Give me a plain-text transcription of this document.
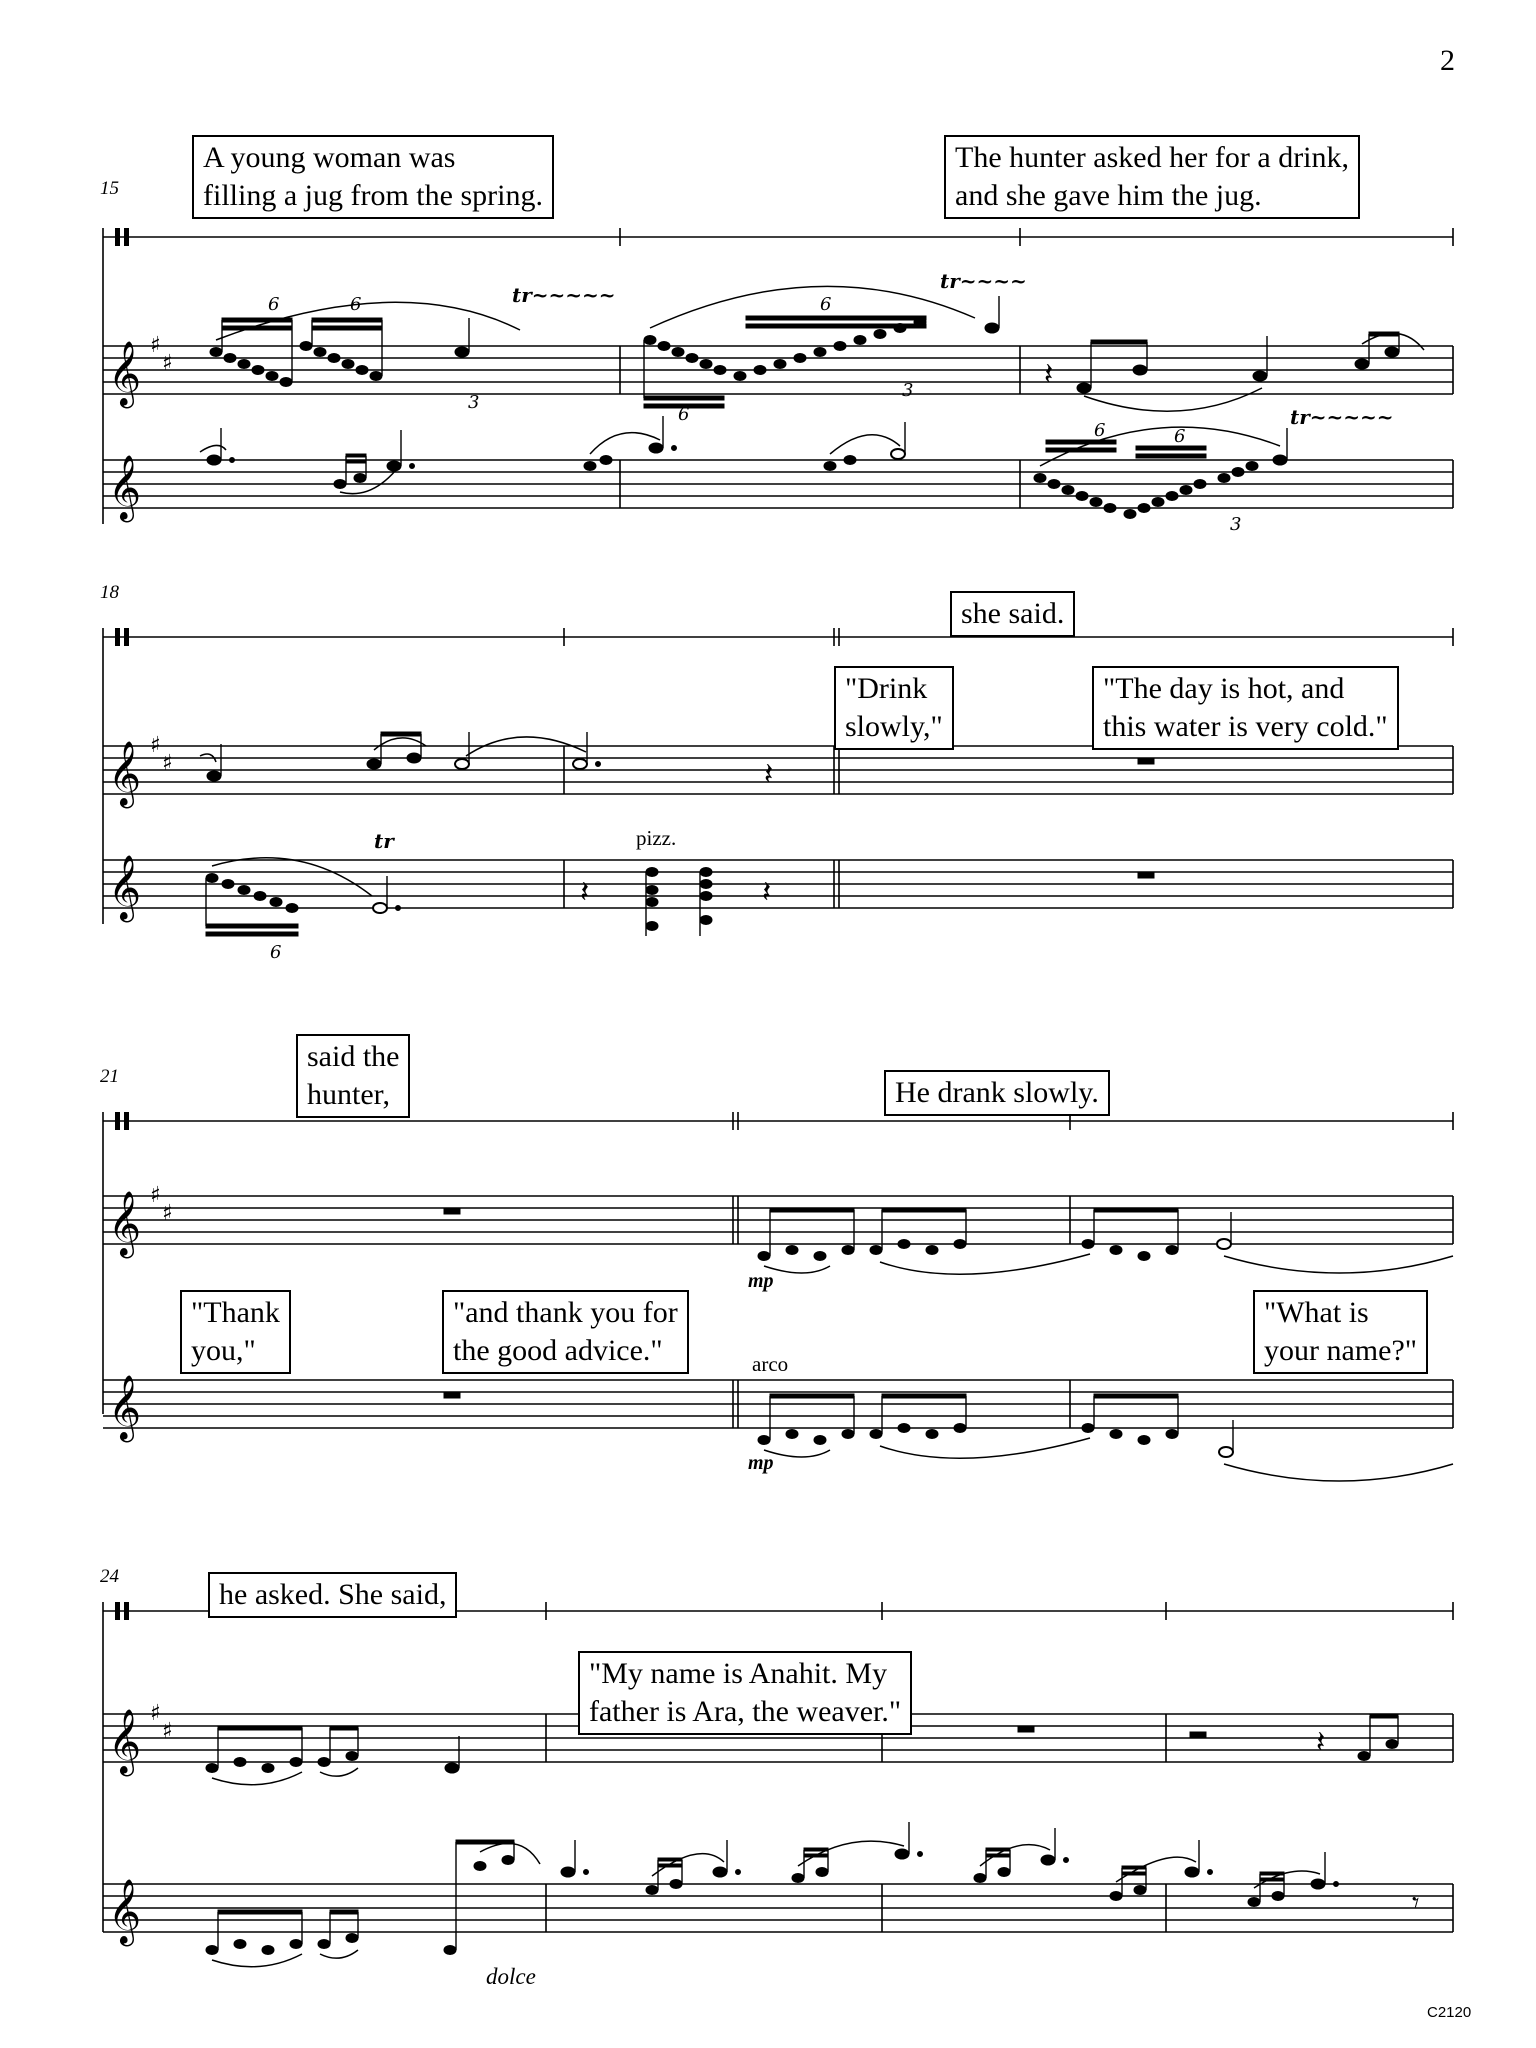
𝄞 ♯
♯	𝄽
6	6
3
6
6
3
tr~~~~~
tr~~~~
𝄞
6	6
3
tr~~~~~
𝄞 ♯
♯	𝄽
𝄞	𝄽	𝄽
6
tr
𝄞 ♯
♯
𝄞
𝄞 ♯
♯	𝄽
𝄞	𝄾
2
C2120
15
A young woman was
filling a jug from the spring.
The hunter asked her for a drink,
and she gave him the jug.
18
she said.
"Drink
slowly,"
"The day is hot, and
this water is very cold."
pizz.
21
said the
hunter,	He drank slowly.
"Thank
you,"
"and thank you for
the good advice."
"What is
your name?"
mp
arco
mp
24
he asked. She said,
"My name is Anahit. My
father is Ara, the weaver."
dolce
